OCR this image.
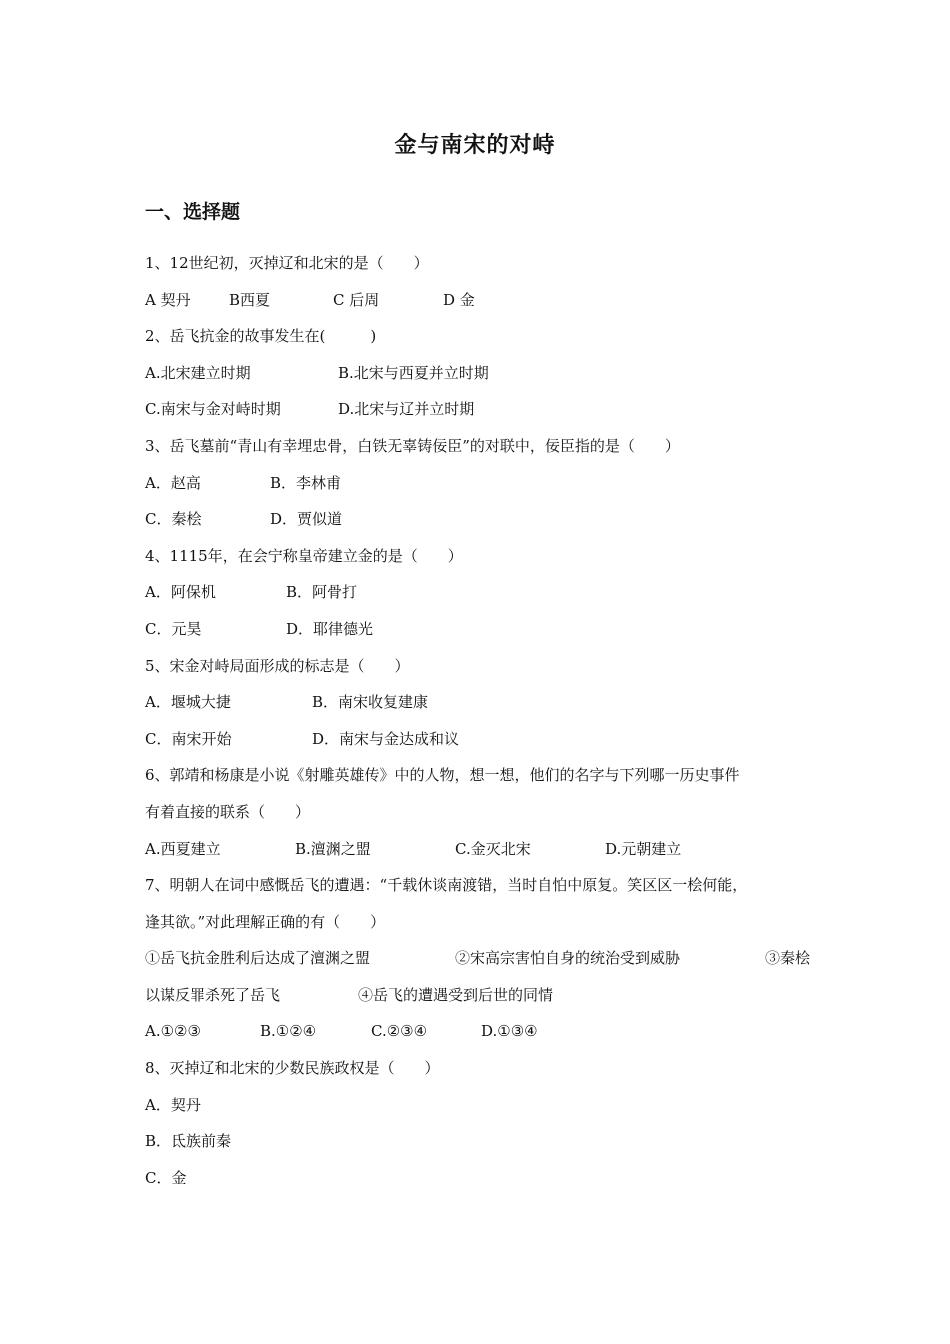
金与南宋的对峙
一、选择题
1、12世纪初，灭掉辽和北宋的是（　　）
A 契丹	B西夏	C 后周	D 金
2、岳飞抗金的故事发生在(　　　)
A.北宋建立时期	B.北宋与西夏并立时期
C.南宋与金对峙时期	D.北宋与辽并立时期
3、岳飞墓前“青山有幸埋忠骨，白铁无辜铸佞臣”的对联中，佞臣指的是（　　）
A．赵高	B．李林甫
C．秦桧	D．贾似道
4、1115年，在会宁称皇帝建立金的是（　　）
A．阿保机	B．阿骨打
C．元昊	D．耶律德光
5、宋金对峙局面形成的标志是（　　）
A．堰城大捷	B．南宋收复建康
C．南宋开始	D．南宋与金达成和议
6、郭靖和杨康是小说《射雕英雄传》中的人物，想一想，他们的名字与下列哪一历史事件
有着直接的联系（　　）
A.西夏建立	B.澶渊之盟	C.金灭北宋	D.元朝建立
7、明朝人在词中感慨岳飞的遭遇：“千载休谈南渡错，当时自怕中原复。笑区区一桧何能，
逢其欲。”对此理解正确的有（　　）
①岳飞抗金胜利后达成了澶渊之盟	②宋高宗害怕自身的统治受到威胁	③秦桧
以谋反罪杀死了岳飞	④岳飞的遭遇受到后世的同情
A.①②③	B.①②④	C.②③④	D.①③④
8、灭掉辽和北宋的少数民族政权是（　　）
A．契丹
B．氐族前秦
C．金
